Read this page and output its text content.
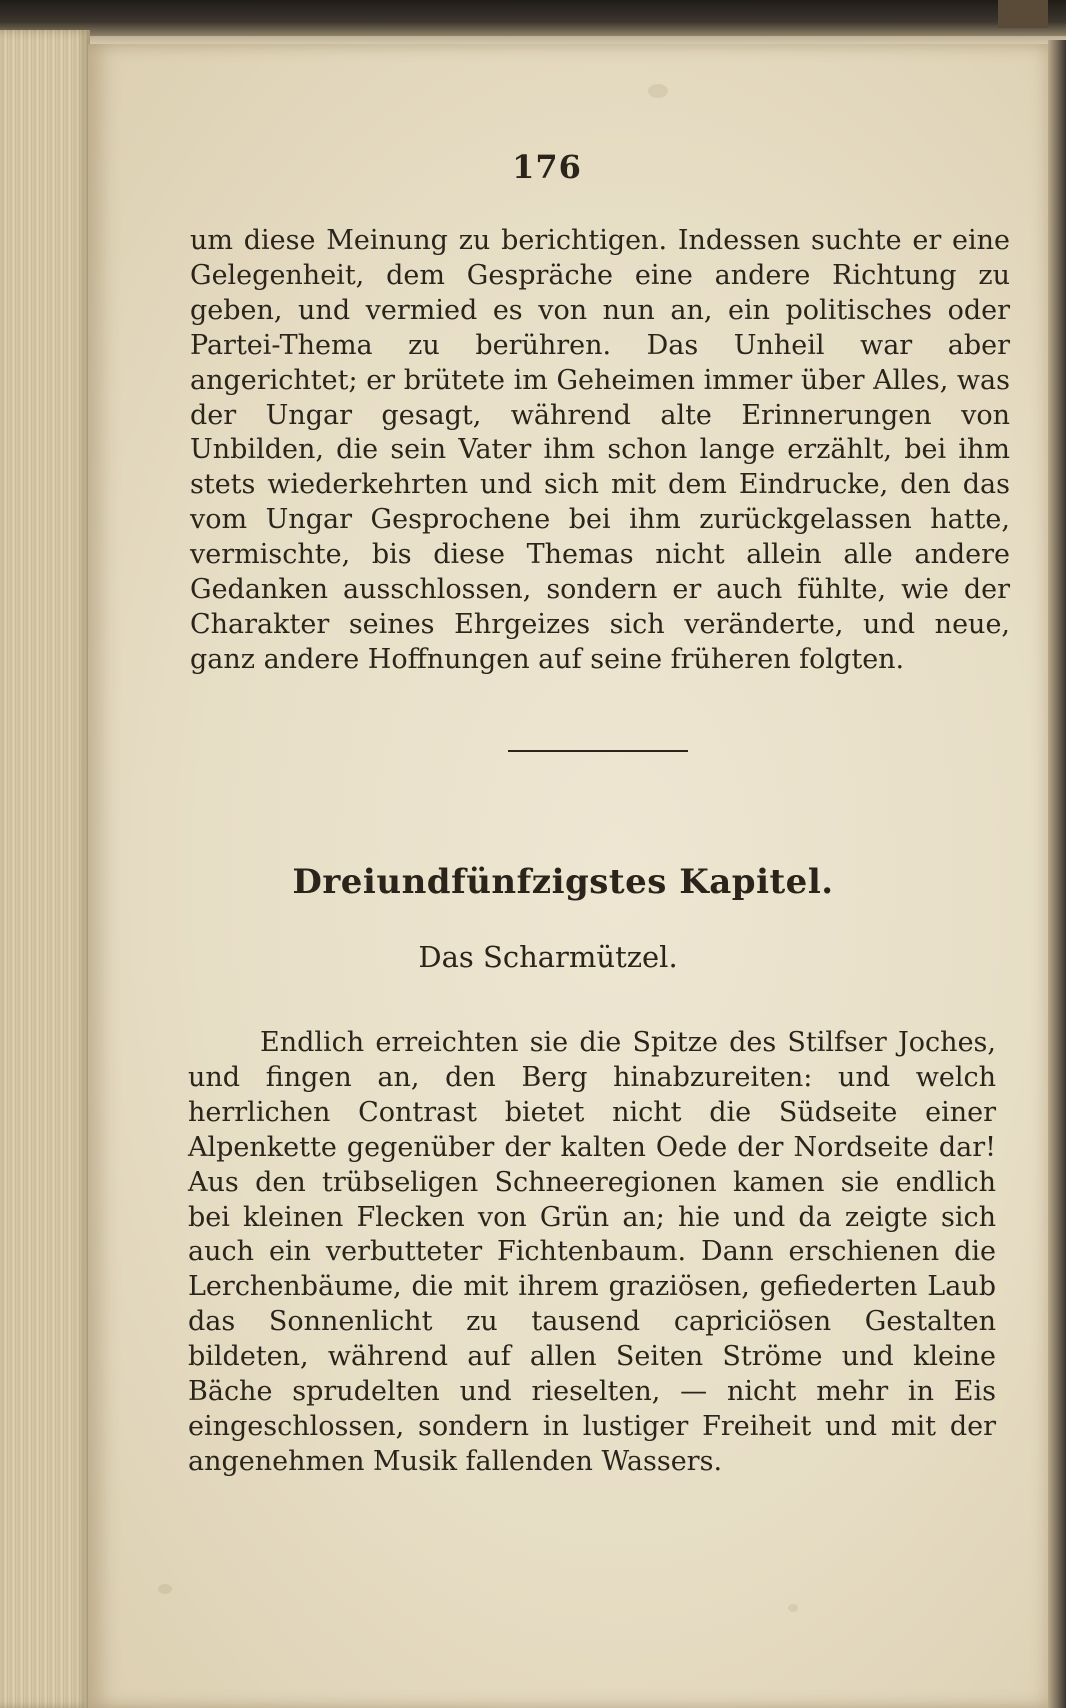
176
um diese Meinung zu berichtigen. Indessen suchte er eine Gelegenheit, dem Gespräche eine andere Richtung zu geben, und vermied es von nun an, ein politisches oder Partei-Thema zu berühren. Das Unheil war aber angerichtet; er brütete im Geheimen immer über Alles, was der Ungar gesagt, während alte Erinnerungen von Unbilden, die sein Vater ihm schon lange erzählt, bei ihm stets wiederkehrten und sich mit dem Eindrucke, den das vom Ungar Gesprochene bei ihm zurückgelassen hatte, vermischte, bis diese Themas nicht allein alle andere Gedanken ausschlossen, sondern er auch fühlte, wie der Charakter seines Ehrgeizes sich veränderte, und neue, ganz andere Hoffnungen auf seine früheren folgten.
Dreiundfünfzigstes Kapitel.
Das Scharmützel.
Endlich erreichten sie die Spitze des Stilfser Joches, und fingen an, den Berg hinabzureiten: und welch herrlichen Contrast bietet nicht die Südseite einer Alpenkette gegenüber der kalten Oede der Nordseite dar! Aus den trübseligen Schneeregionen kamen sie endlich bei kleinen Flecken von Grün an; hie und da zeigte sich auch ein verbutteter Fichtenbaum. Dann erschienen die Lerchenbäume, die mit ihrem graziösen, gefiederten Laub das Sonnenlicht zu tausend capriciösen Gestalten bildeten, während auf allen Seiten Ströme und kleine Bäche sprudelten und rieselten, — nicht mehr in Eis eingeschlossen, sondern in lustiger Freiheit und mit der angenehmen Musik fallenden Wassers.
